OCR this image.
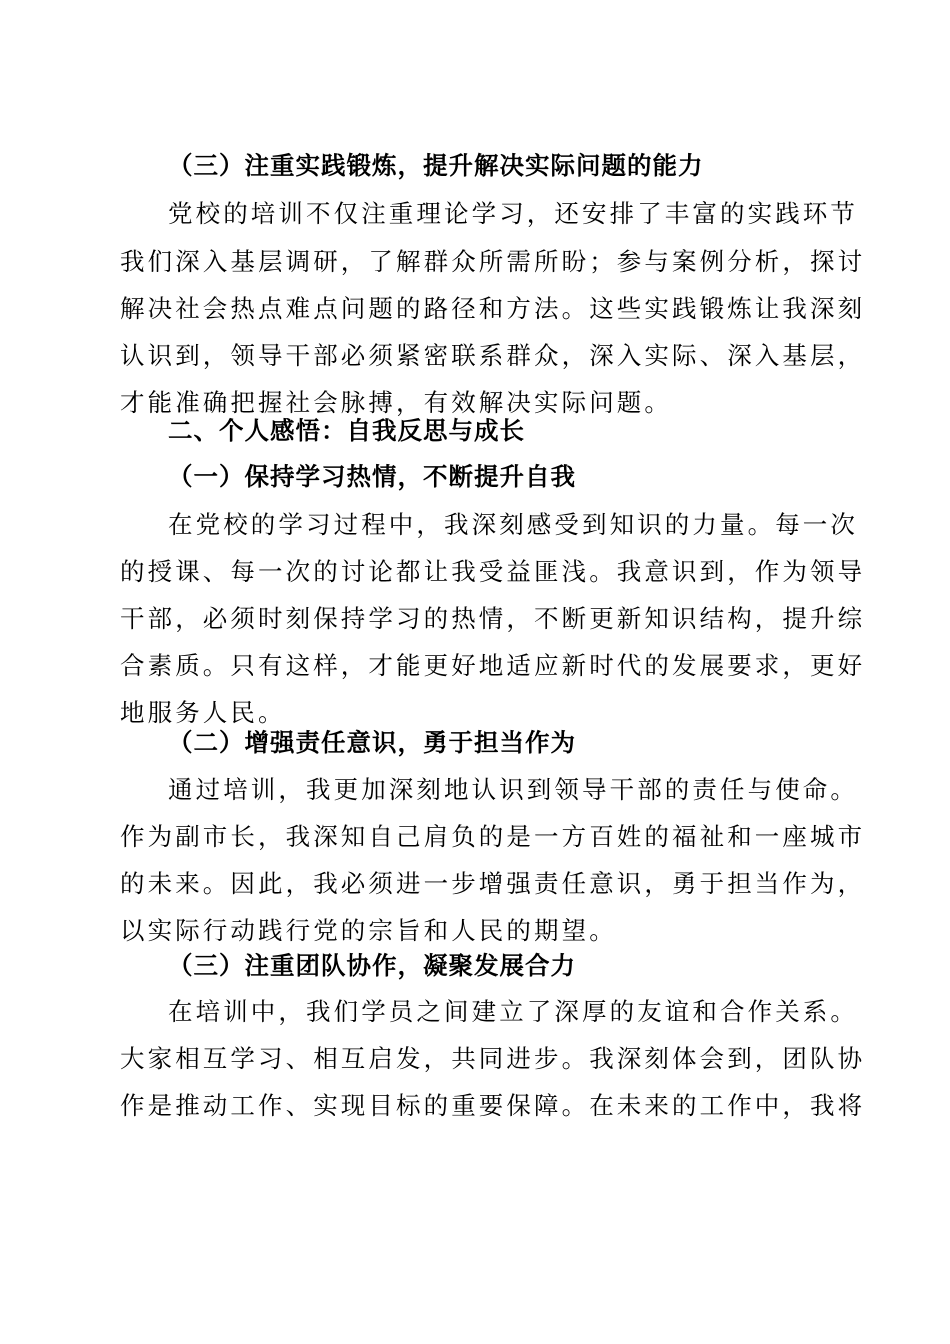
（三）注重实践锻炼，提升解决实际问题的能力
党校的培训不仅注重理论学习，还安排了丰富的实践环节
我们深入基层调研，了解群众所需所盼；参与案例分析，探讨
解决社会热点难点问题的路径和方法。这些实践锻炼让我深刻
认识到，领导干部必须紧密联系群众，深入实际、深入基层，
才能准确把握社会脉搏，有效解决实际问题。
二、个人感悟：自我反思与成长
（一）保持学习热情，不断提升自我
在党校的学习过程中，我深刻感受到知识的力量。每一次
的授课、每一次的讨论都让我受益匪浅。我意识到，作为领导
干部，必须时刻保持学习的热情，不断更新知识结构，提升综
合素质。只有这样，才能更好地适应新时代的发展要求，更好
地服务人民。
（二）增强责任意识，勇于担当作为
通过培训，我更加深刻地认识到领导干部的责任与使命。
作为副市长，我深知自己肩负的是一方百姓的福祉和一座城市
的未来。因此，我必须进一步增强责任意识，勇于担当作为，
以实际行动践行党的宗旨和人民的期望。
（三）注重团队协作，凝聚发展合力
在培训中，我们学员之间建立了深厚的友谊和合作关系。
大家相互学习、相互启发，共同进步。我深刻体会到，团队协
作是推动工作、实现目标的重要保障。在未来的工作中，我将
